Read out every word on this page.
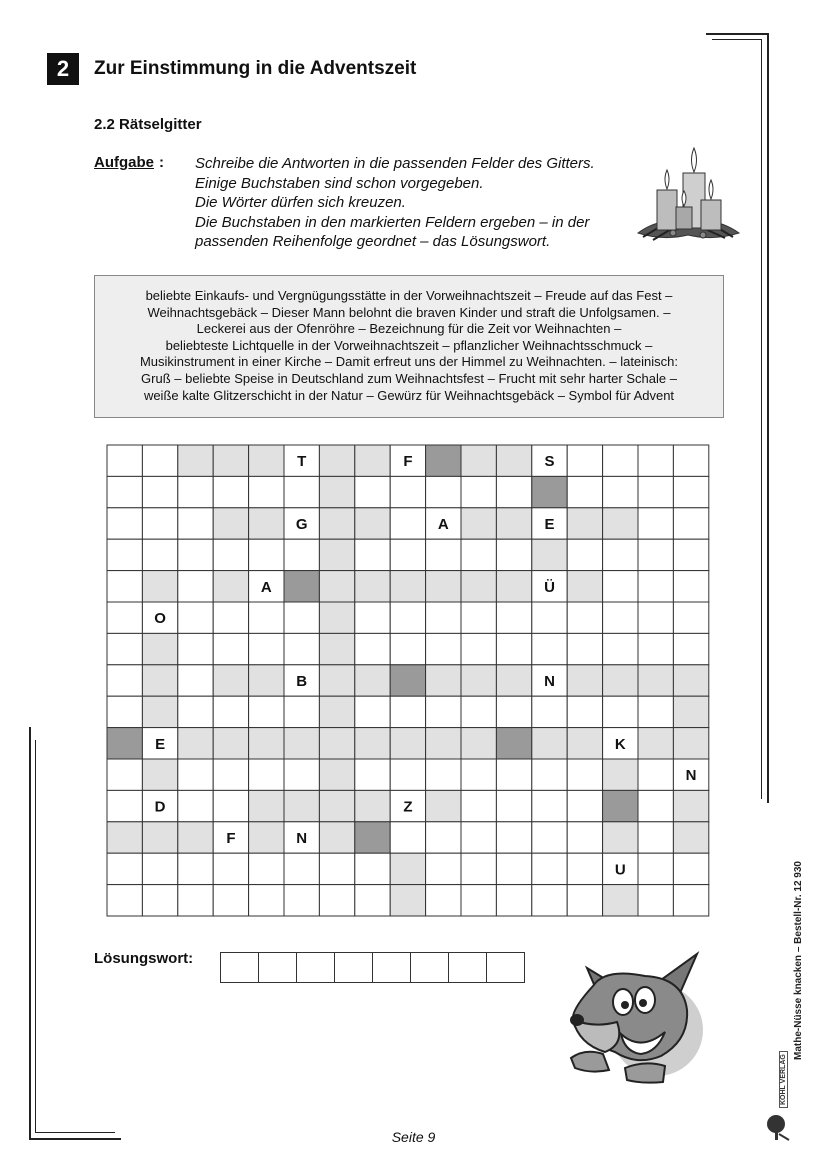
2	Zur Einstimmung in die Adventszeit
2.2 Rätselgitter
Aufgabe : Schreibe die Antworten in die passenden Felder des Gitters.
Einige Buchstaben sind schon vorgegeben.
Die Wörter dürfen sich kreuzen.
Die Buchstaben in den markierten Feldern ergeben – in der
passenden Reihenfolge geordnet – das Lösungswort.
beliebte Einkaufs- und Vergnügungsstätte in der Vorweihnachtszeit – Freude auf das Fest –
Weihnachtsgebäck – Dieser Mann belohnt die braven Kinder und straft die Unfolgsamen. –
Leckerei aus der Ofenröhre – Bezeichnung für die Zeit vor Weihnachten –
beliebteste Lichtquelle in der Vorweihnachtszeit – pflanzlicher Weihnachtsschmuck –
Musikinstrument in einer Kirche – Damit erfreut uns der Himmel zu Weihnachten. – lateinisch:
Gruß – beliebte Speise in Deutschland zum Weihnachtsfest – Frucht mit sehr harter Schale –
weiße kalte Glitzerschicht in der Natur – Gewürz für Weihnachtsgebäck – Symbol für Advent
T	F	S
G	A	E
A	Ü
O
B	N
E	K
N
D	Z
F	N
U
Lösungswort:
Seite 9
Mathe-Nüsse knacken – Bestell-Nr. 12 930
KOHL VERLAG
